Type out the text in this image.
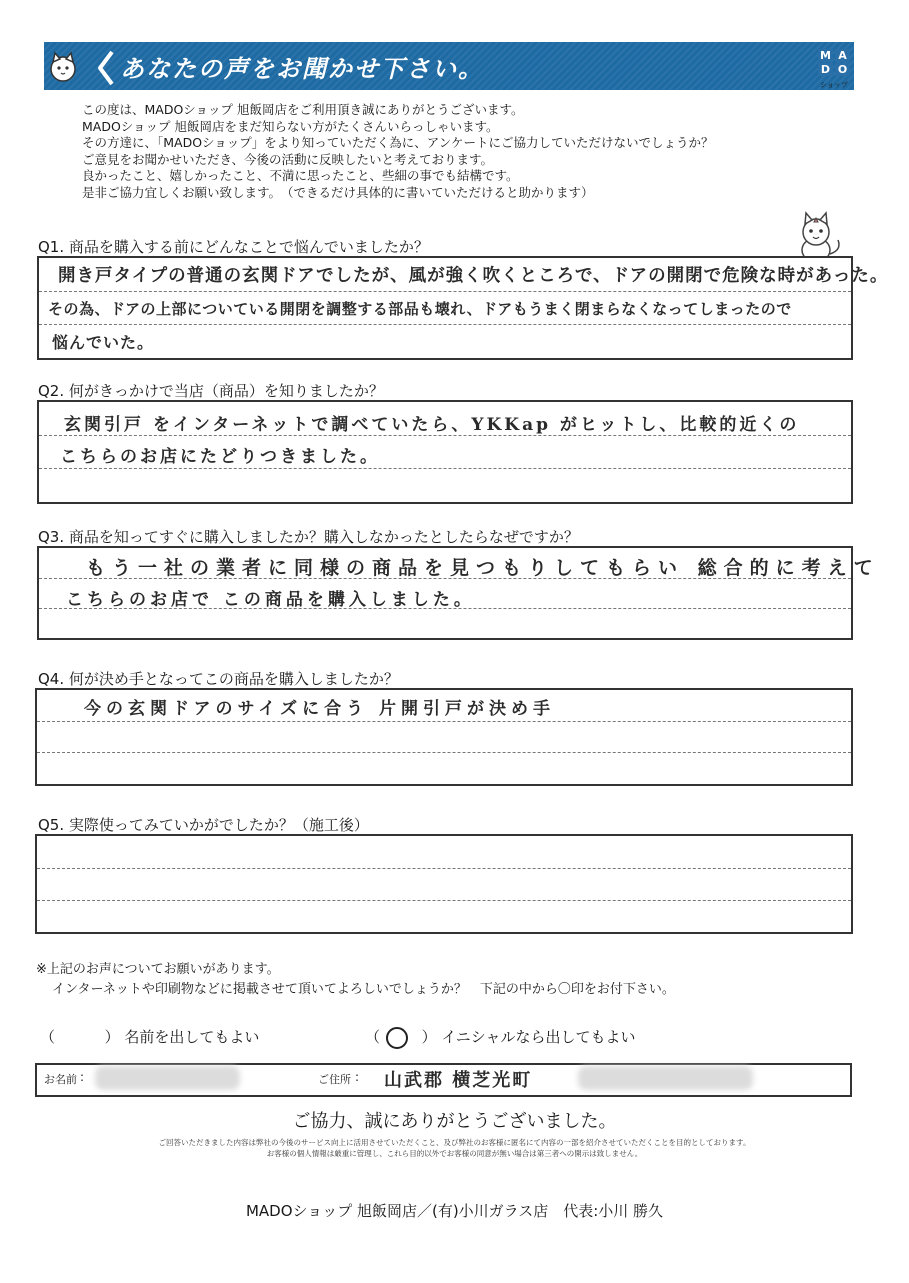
あなたの声をお聞かせ下さい。	M A
D O
ショップ
この度は、MADOショップ 旭飯岡店をご利用頂き誠にありがとうございます。
MADOショップ 旭飯岡店をまだ知らない方がたくさんいらっしゃいます。
その方達に、「MADOショップ」をより知っていただく為に、アンケートにご協力していただけないでしょうか？
ご意見をお聞かせいただき、今後の活動に反映したいと考えております。
良かったこと、嬉しかったこと、不満に思ったこと、些細の事でも結構です。
是非ご協力宜しくお願い致します。　（できるだけ具体的に書いていただけると助かります）
Q1. 商品を購入する前にどんなことで悩んでいましたか？
開き戸タイプの普通の玄関ドアでしたが、風が強く吹くところで、ドアの開閉で危険な時があった。
その為、ドアの上部についている開閉を調整する部品も壊れ、ドアもうまく閉まらなくなってしまったので
悩んでいた。
Q2. 何がきっかけで当店（商品）を知りましたか？
玄関引戸 をインターネットで調べていたら、YKKap がヒットし、比較的近くの
こちらのお店にたどりつきました。
Q3. 商品を知ってすぐに購入しましたか？購入しなかったとしたらなぜですか？
もう一社の業者に同様の商品を見つもりしてもらい 総合的に考えて
こちらのお店で この商品を購入しました。
Q4. 何が決め手となってこの商品を購入しましたか？
今の玄関ドアのサイズに合う 片開引戸が決め手
Q5. 実際使ってみていかがでしたか？（施工後）
※上記のお声についてお願いがあります。
インターネットや印刷物などに掲載させて頂いてよろしいでしょうか？　下記の中から〇印をお付下さい。
（	） 名前を出してもよい	（	） イニシャルなら出してもよい
お名前 :	ご住所 : 山武郡 横芝光町
ご協力、誠にありがとうございました。
ご回答いただきました内容は弊社の今後のサービス向上に活用させていただくこと、及び弊社のお客様に匿名にて内容の一部を紹介させていただくことを目的としております。
お客様の個人情報は厳重に管理し、これら目的以外でお客様の同意が無い場合は第三者への開示は致しません。
MADOショップ 旭飯岡店／(有)小川ガラス店　代表:小川 勝久
